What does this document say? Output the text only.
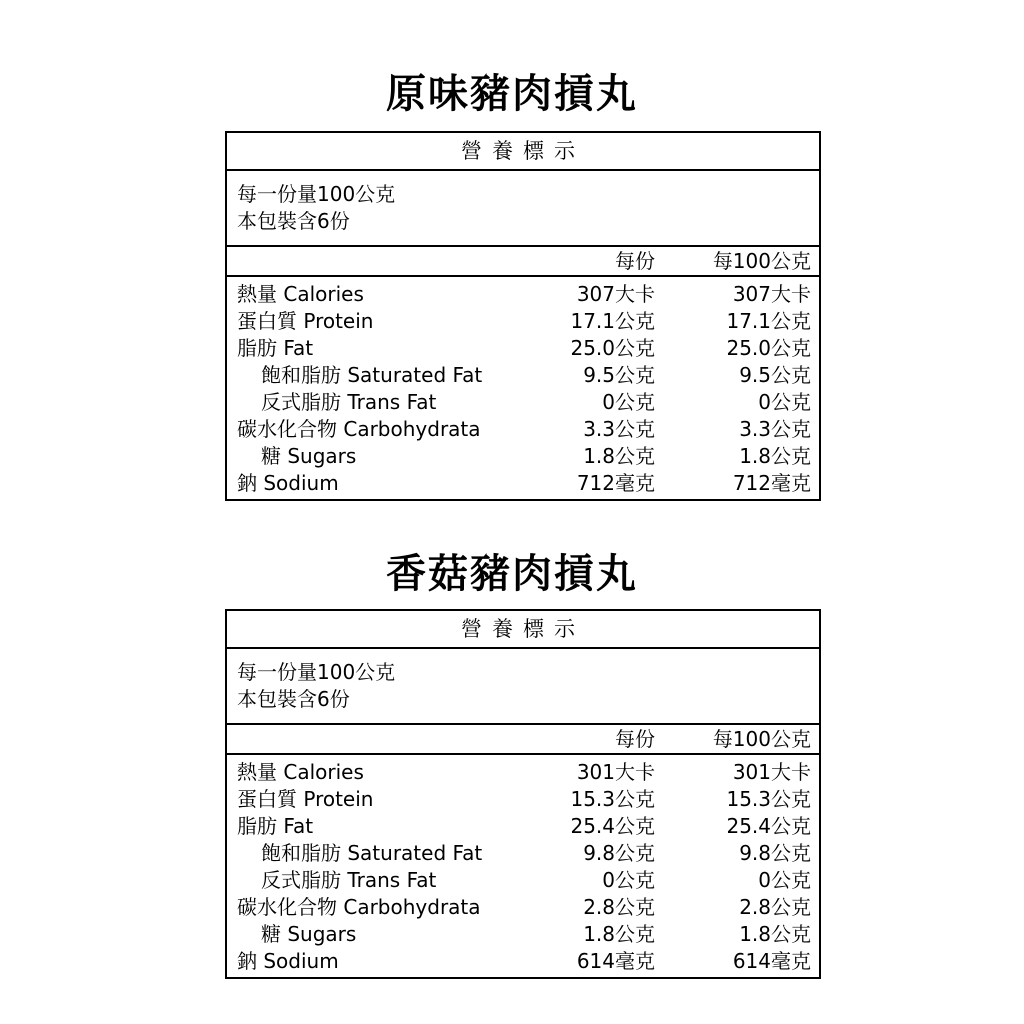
原味豬肉摃丸
營養標示
每一份量100公克
本包裝含6份
每份	每100公克
熱量 Calories	307大卡	307大卡
蛋白質 Protein	17.1公克	17.1公克
脂肪 Fat	25.0公克	25.0公克
飽和脂肪 Saturated Fat	9.5公克	9.5公克
反式脂肪 Trans Fat	0公克	0公克
碳水化合物 Carbohydrata	3.3公克	3.3公克
糖 Sugars	1.8公克	1.8公克
鈉 Sodium	712毫克	712毫克
香菇豬肉摃丸
營養標示
每一份量100公克
本包裝含6份
每份	每100公克
熱量 Calories	301大卡	301大卡
蛋白質 Protein	15.3公克	15.3公克
脂肪 Fat	25.4公克	25.4公克
飽和脂肪 Saturated Fat	9.8公克	9.8公克
反式脂肪 Trans Fat	0公克	0公克
碳水化合物 Carbohydrata	2.8公克	2.8公克
糖 Sugars	1.8公克	1.8公克
鈉 Sodium	614毫克	614毫克
